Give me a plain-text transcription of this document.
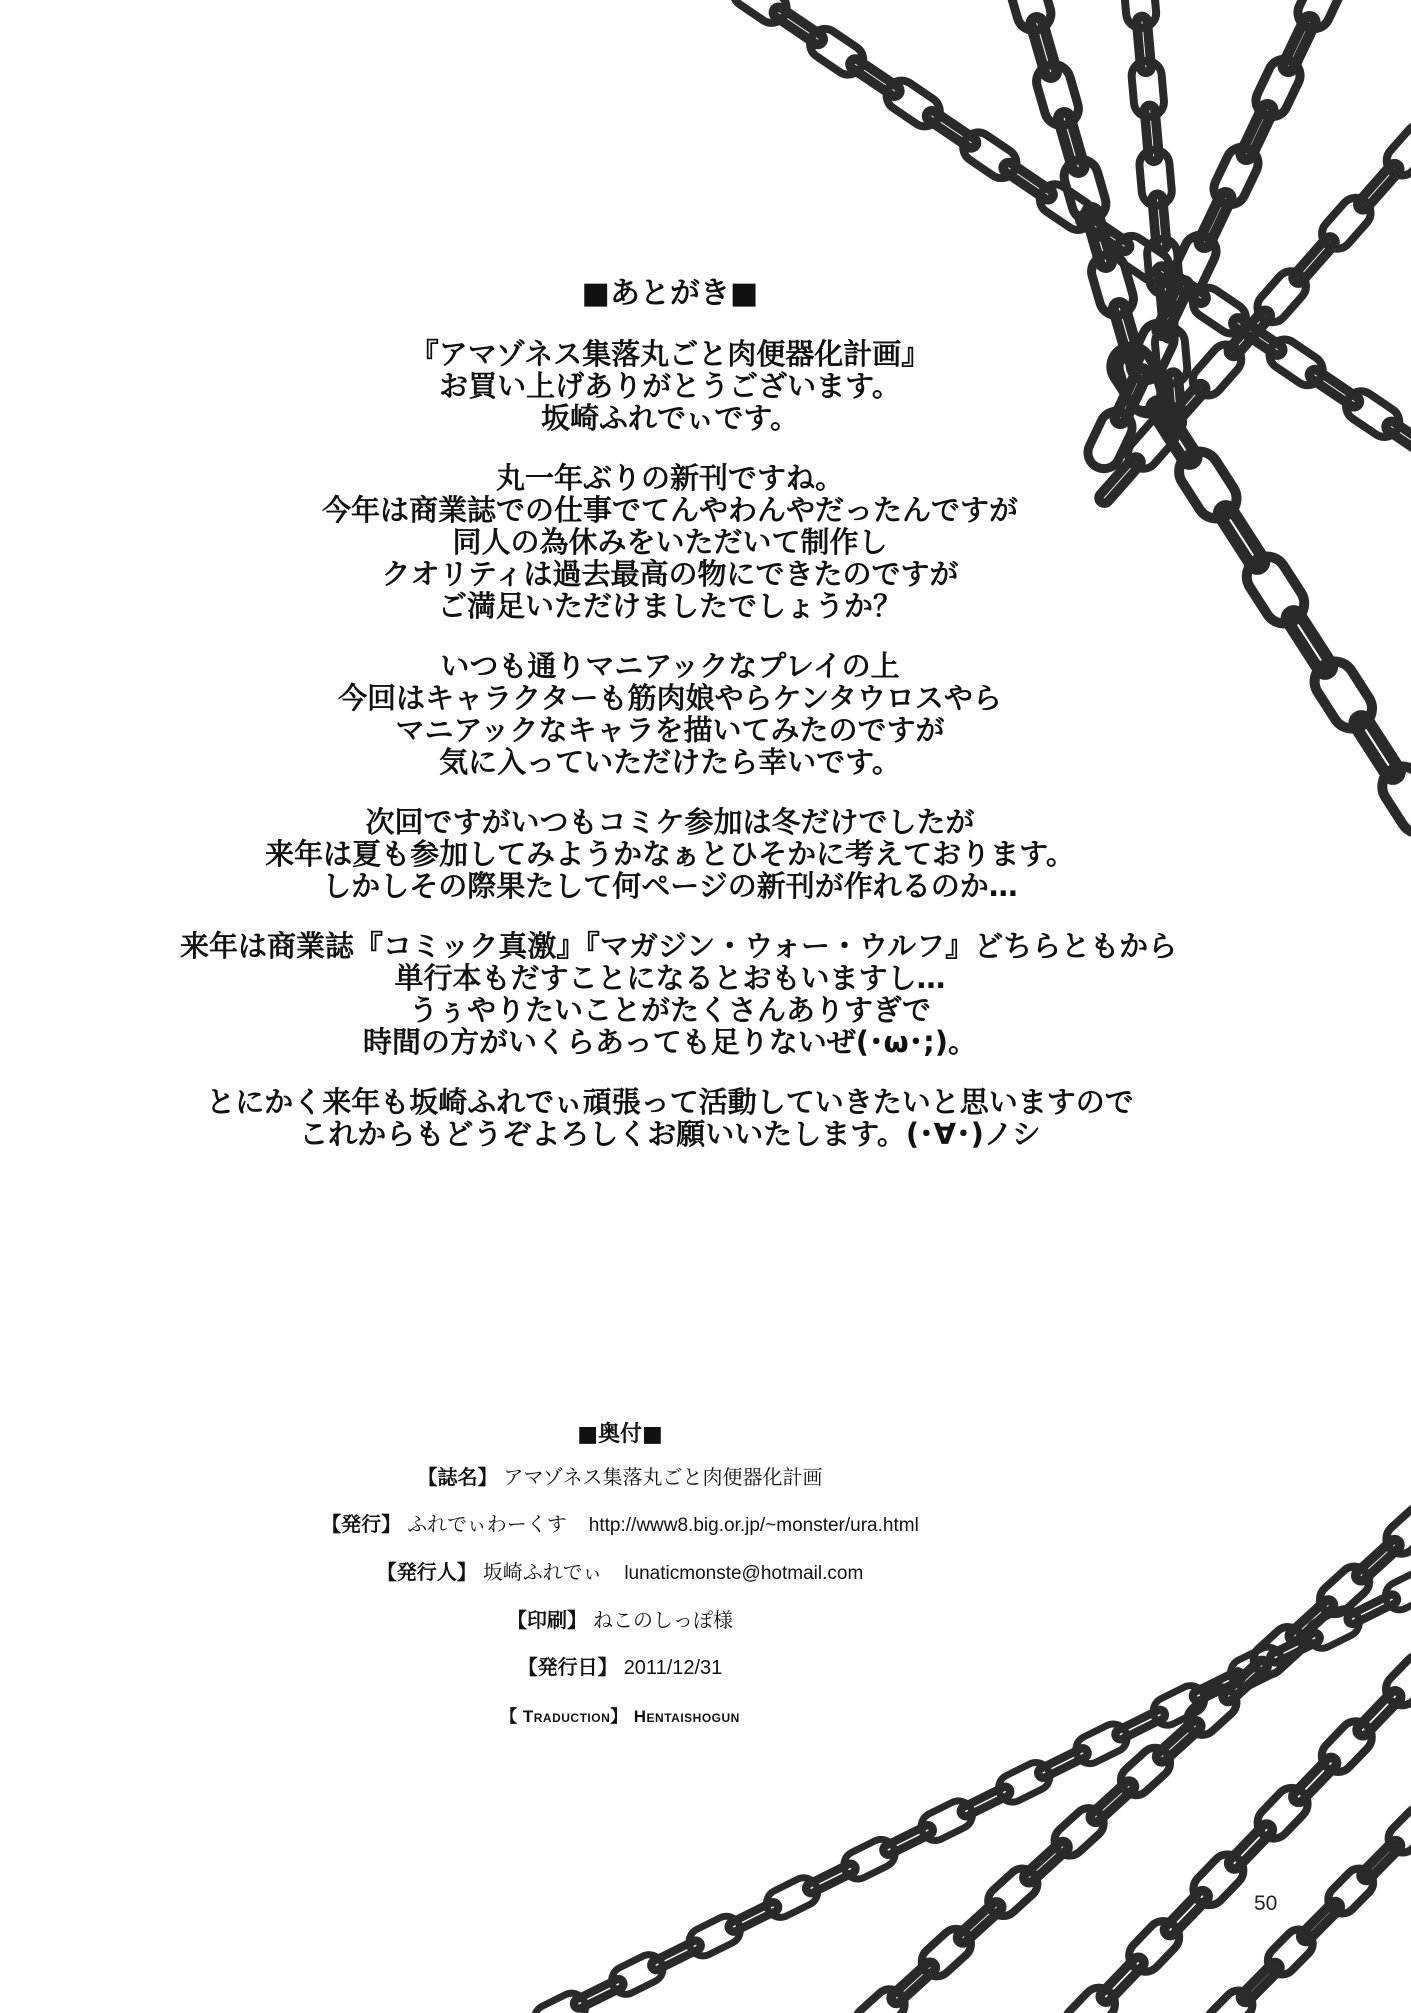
■あとがき■
『アマゾネス集落丸ごと肉便器化計画』
お買い上げありがとうございます。
坂崎ふれでぃです。
丸一年ぶりの新刊ですね。
今年は商業誌での仕事でてんやわんやだったんですが
同人の為休みをいただいて制作し
クオリティは過去最高の物にできたのですが
ご満足いただけましたでしょうか？
いつも通りマニアックなプレイの上
今回はキャラクターも筋肉娘やらケンタウロスやら
マニアックなキャラを描いてみたのですが
気に入っていただけたら幸いです。
次回ですがいつもコミケ参加は冬だけでしたが
来年は夏も参加してみようかなぁとひそかに考えております。
しかしその際果たして何ページの新刊が作れるのか…
来年は商業誌『コミック真激』『マガジン・ウォー・ウルフ』どちらともから
単行本もだすことになるとおもいますし…
うぅやりたいことがたくさんありすぎで
時間の方がいくらあっても足りないぜ(･ω･;)。
とにかく来年も坂崎ふれでぃ頑張って活動していきたいと思いますので
これからもどうぞよろしくお願いいたします。(･∀･)ノシ
■奥付■
【誌名】 アマゾネス集落丸ごと肉便器化計画
【発行】 ふれでぃわーくす http://www8.big.or.jp/~monster/ura.html
【発行人】 坂崎ふれでぃ lunaticmonste@hotmail.com
【印刷】 ねこのしっぽ様
【発行日】 2011/12/31
【 Traduction】 Hentaishogun
50
